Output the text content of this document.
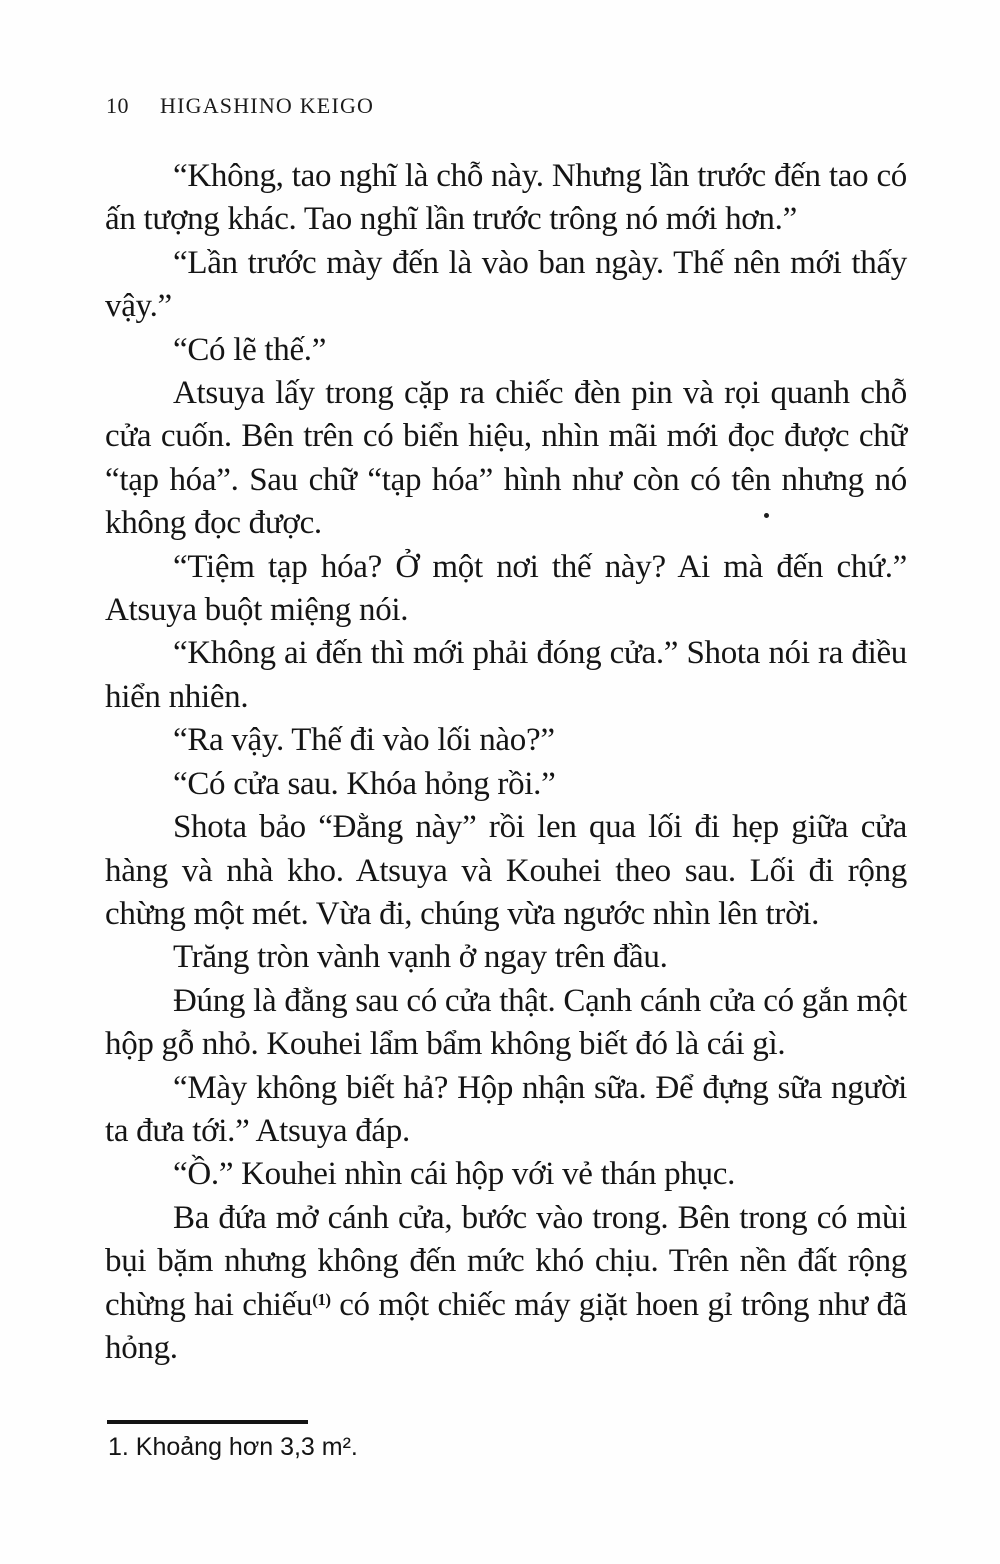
10 HIGASHINO KEIGO

“Không, tao nghĩ là chỗ này. Nhưng lần trước đến tao có ấn tượng khác. Tao nghĩ lần trước trông nó mới hơn.”

“Lần trước mày đến là vào ban ngày. Thế nên mới thấy vậy.”

“Có lẽ thế.”

Atsuya lấy trong cặp ra chiếc đèn pin và rọi quanh chỗ cửa cuốn. Bên trên có biển hiệu, nhìn mãi mới đọc được chữ “tạp hóa”. Sau chữ “tạp hóa” hình như còn có tên nhưng nó không đọc được.

“Tiệm tạp hóa? Ở một nơi thế này? Ai mà đến chứ.” Atsuya buột miệng nói.

“Không ai đến thì mới phải đóng cửa.” Shota nói ra điều hiển nhiên.

“Ra vậy. Thế đi vào lối nào?”

“Có cửa sau. Khóa hỏng rồi.”

Shota bảo “Đằng này” rồi len qua lối đi hẹp giữa cửa hàng và nhà kho. Atsuya và Kouhei theo sau. Lối đi rộng chừng một mét. Vừa đi, chúng vừa ngước nhìn lên trời.

Trăng tròn vành vạnh ở ngay trên đầu.

Đúng là đằng sau có cửa thật. Cạnh cánh cửa có gắn một hộp gỗ nhỏ. Kouhei lẩm bẩm không biết đó là cái gì.

“Mày không biết hả? Hộp nhận sữa. Để đựng sữa người ta đưa tới.” Atsuya đáp.

“Ồ.” Kouhei nhìn cái hộp với vẻ thán phục.

Ba đứa mở cánh cửa, bước vào trong. Bên trong có mùi bụi bặm nhưng không đến mức khó chịu. Trên nền đất rộng chừng hai chiếu$^{(1)}$ có một chiếc máy giặt hoen gỉ trông như đã hỏng.

1. Khoảng hơn 3,3 m².
